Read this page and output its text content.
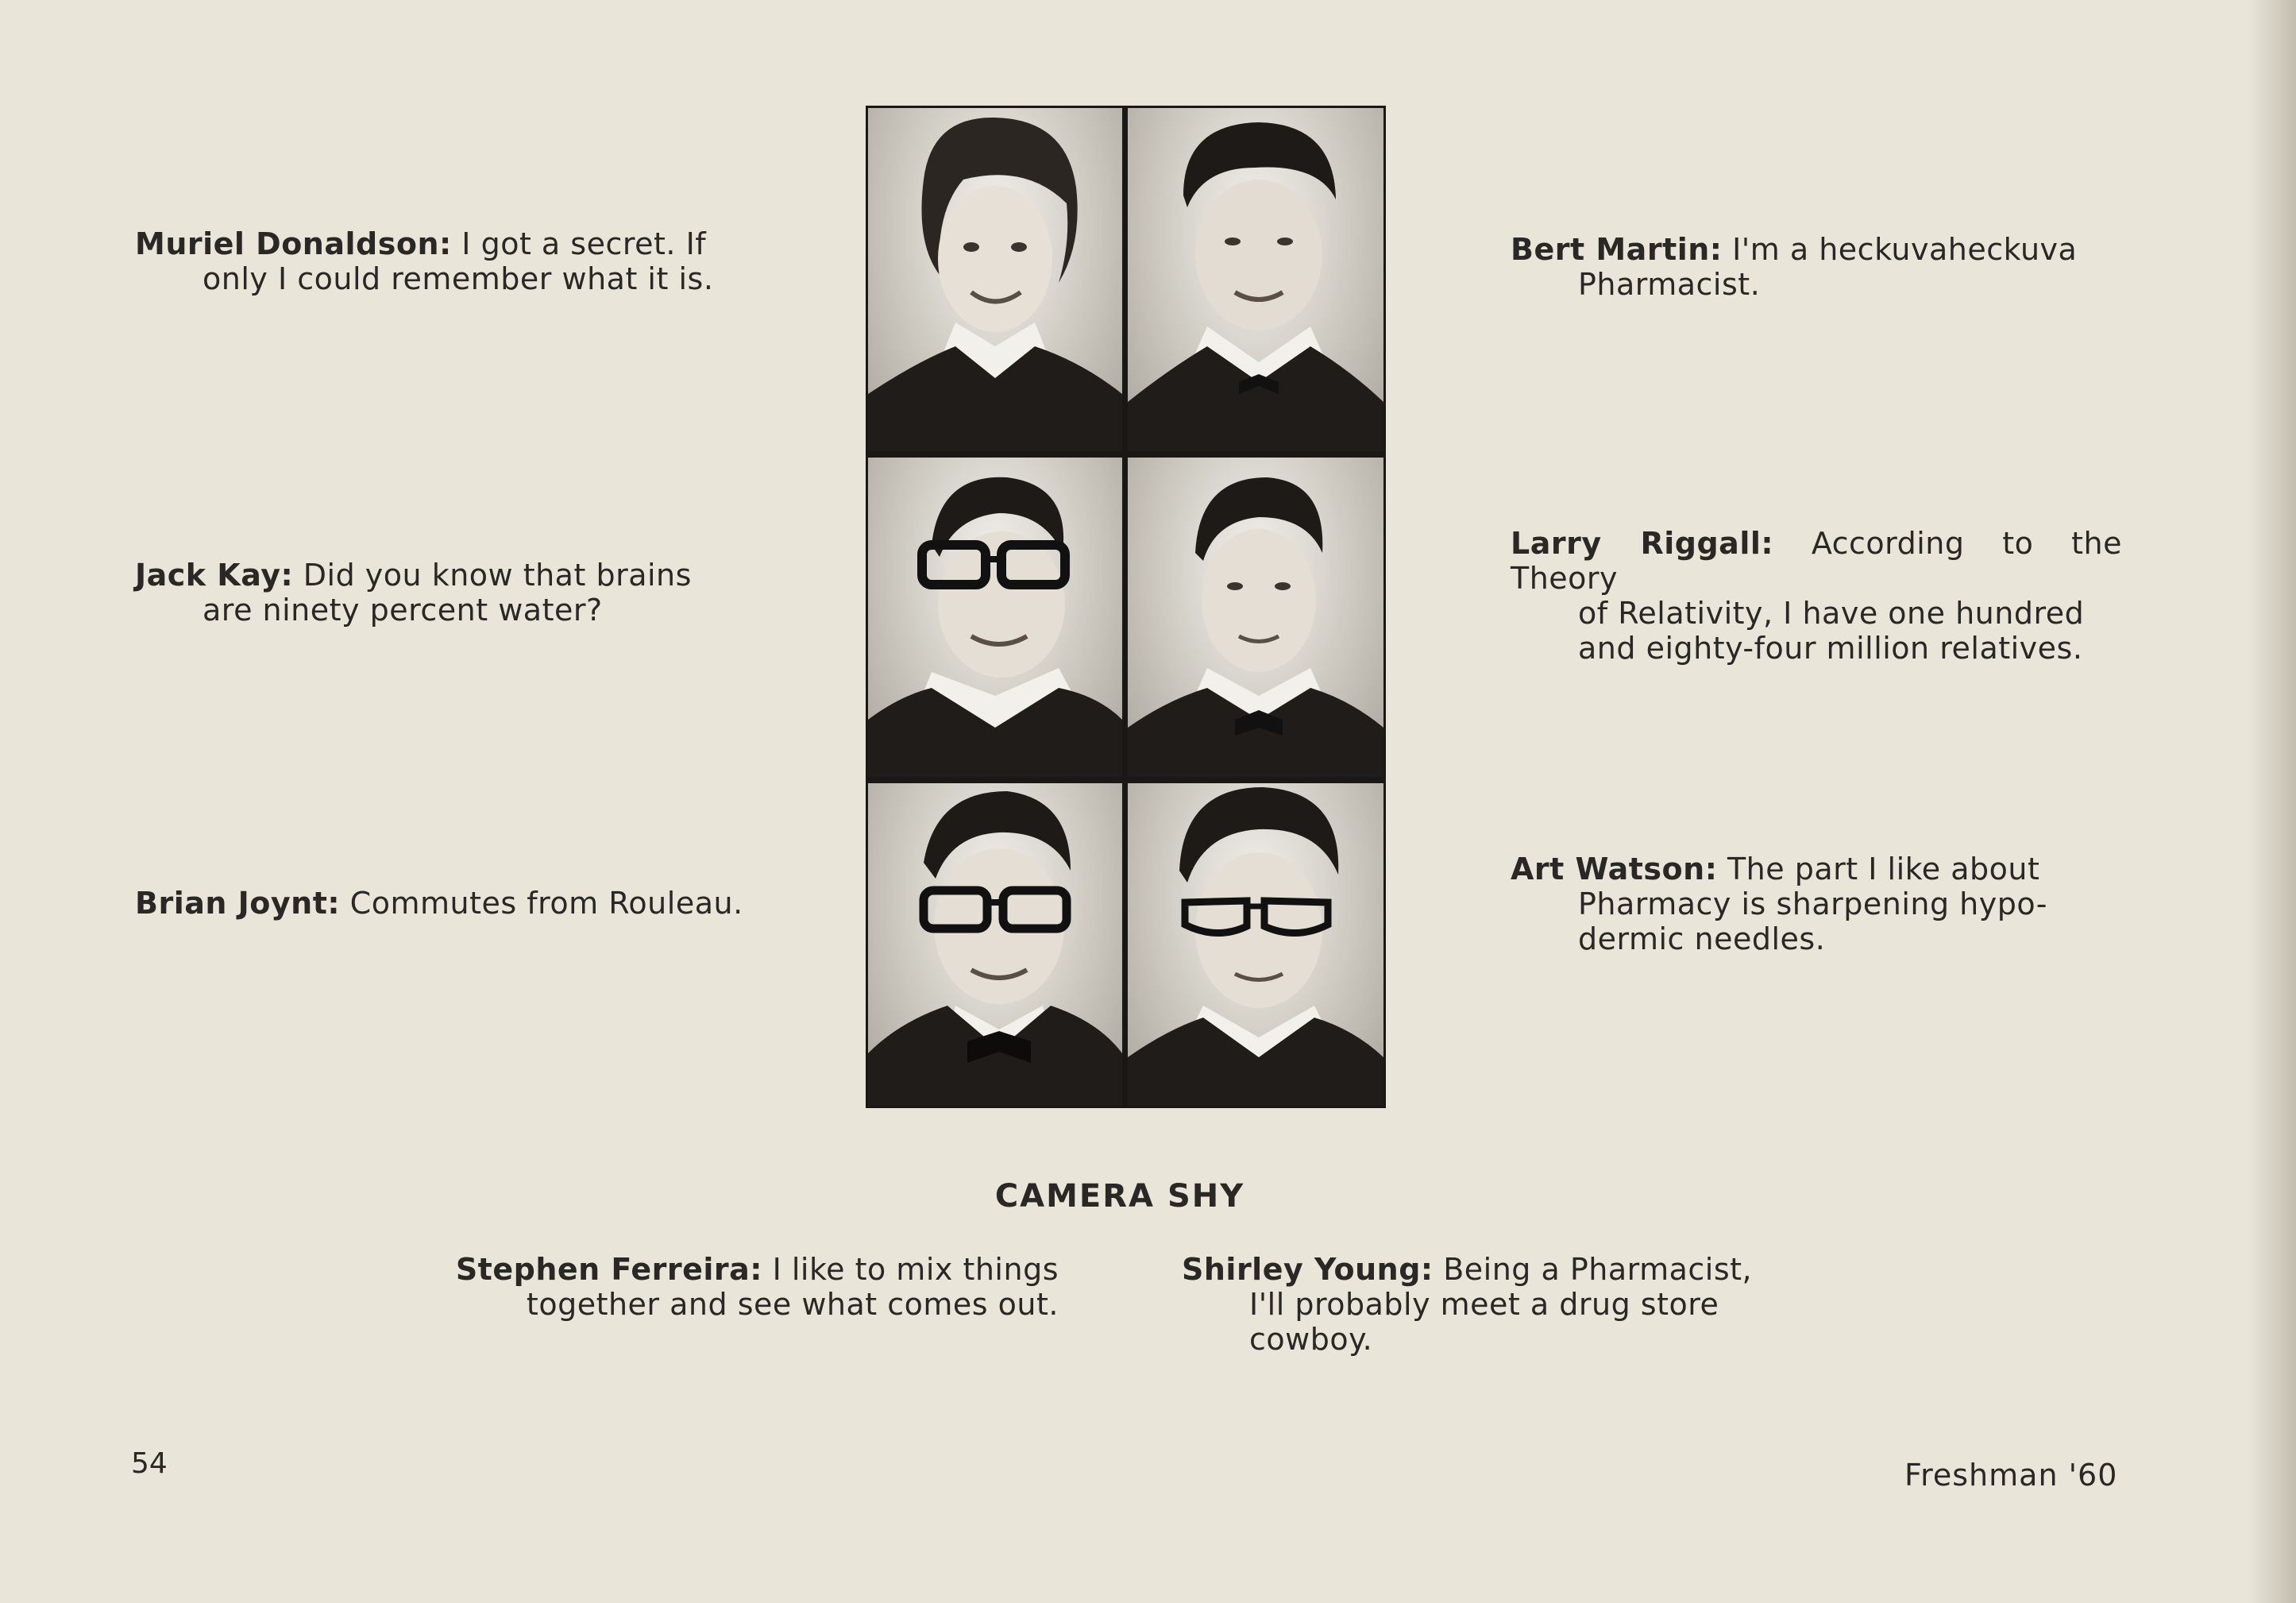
Muriel Donaldson: I got a secret. If
only I could remember what it is.
Jack Kay: Did you know that brains
are ninety percent water?
Brian Joynt: Commutes from Rouleau.
Bert Martin: I'm a heckuvaheckuva
Pharmacist.
Larry Riggall: According to the Theory
of Relativity, I have one hundred
and eighty-four million relatives.
Art Watson: The part I like about
Pharmacy is sharpening hypo-
dermic needles.
CAMERA SHY
Stephen Ferreira: I like to mix things
together and see what comes out.
Shirley Young: Being a Pharmacist,
I'll probably meet a drug store
cowboy.
54	Freshman '60
